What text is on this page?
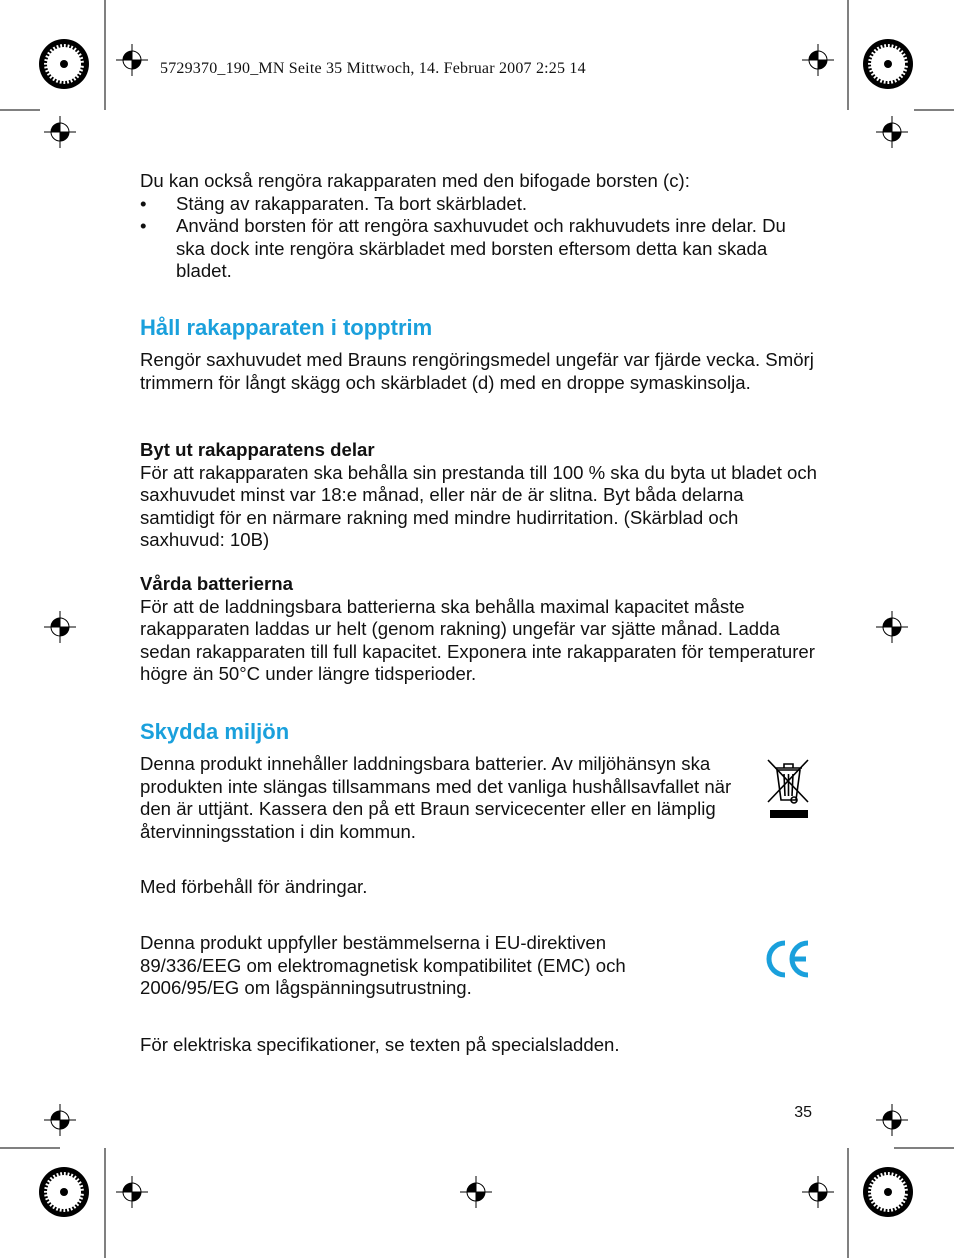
5729370_190_MN Seite 35 Mittwoch, 14. Februar 2007 2:25 14
Du kan också rengöra rakapparaten med den bifogade borsten (c):
•	Stäng av rakapparaten. Ta bort skärbladet.
•	Använd borsten för att rengöra saxhuvudet och rakhuvudets inre delar. Du ska dock inte rengöra skärbladet med borsten eftersom detta kan skada bladet.
Håll rakapparaten i topptrim
Rengör saxhuvudet med Brauns rengöringsmedel ungefär var fjärde vecka. Smörj trimmern för långt skägg och skärbladet (d) med en droppe symaskinsolja.
Byt ut rakapparatens delar
För att rakapparaten ska behålla sin prestanda till 100 % ska du byta ut bladet och saxhuvudet minst var 18:e månad, eller när de är slitna. Byt båda delarna samtidigt för en närmare rakning med mindre hudirritation. (Skärblad och saxhuvud: 10B)
Vårda batterierna
För att de laddningsbara batterierna ska behålla maximal kapacitet måste rakapparaten laddas ur helt (genom rakning) ungefär var sjätte månad. Ladda sedan rakapparaten till full kapacitet. Exponera inte rakapparaten för temperaturer högre än 50°C under längre tidsperioder.
Skydda miljön
Denna produkt innehåller laddningsbara batterier. Av miljöhänsyn ska produkten inte slängas tillsammans med det vanliga hushållsavfallet när den är uttjänt. Kassera den på ett Braun servicecenter eller en lämplig återvinningsstation i din kommun.
Med förbehåll för ändringar.
Denna produkt uppfyller bestämmelserna i EU-direktiven 89/336/EEG om elektromagnetisk kompatibilitet (EMC) och 2006/95/EG om lågspänningsutrustning.
För elektriska specifikationer, se texten på specialsladden.
35
